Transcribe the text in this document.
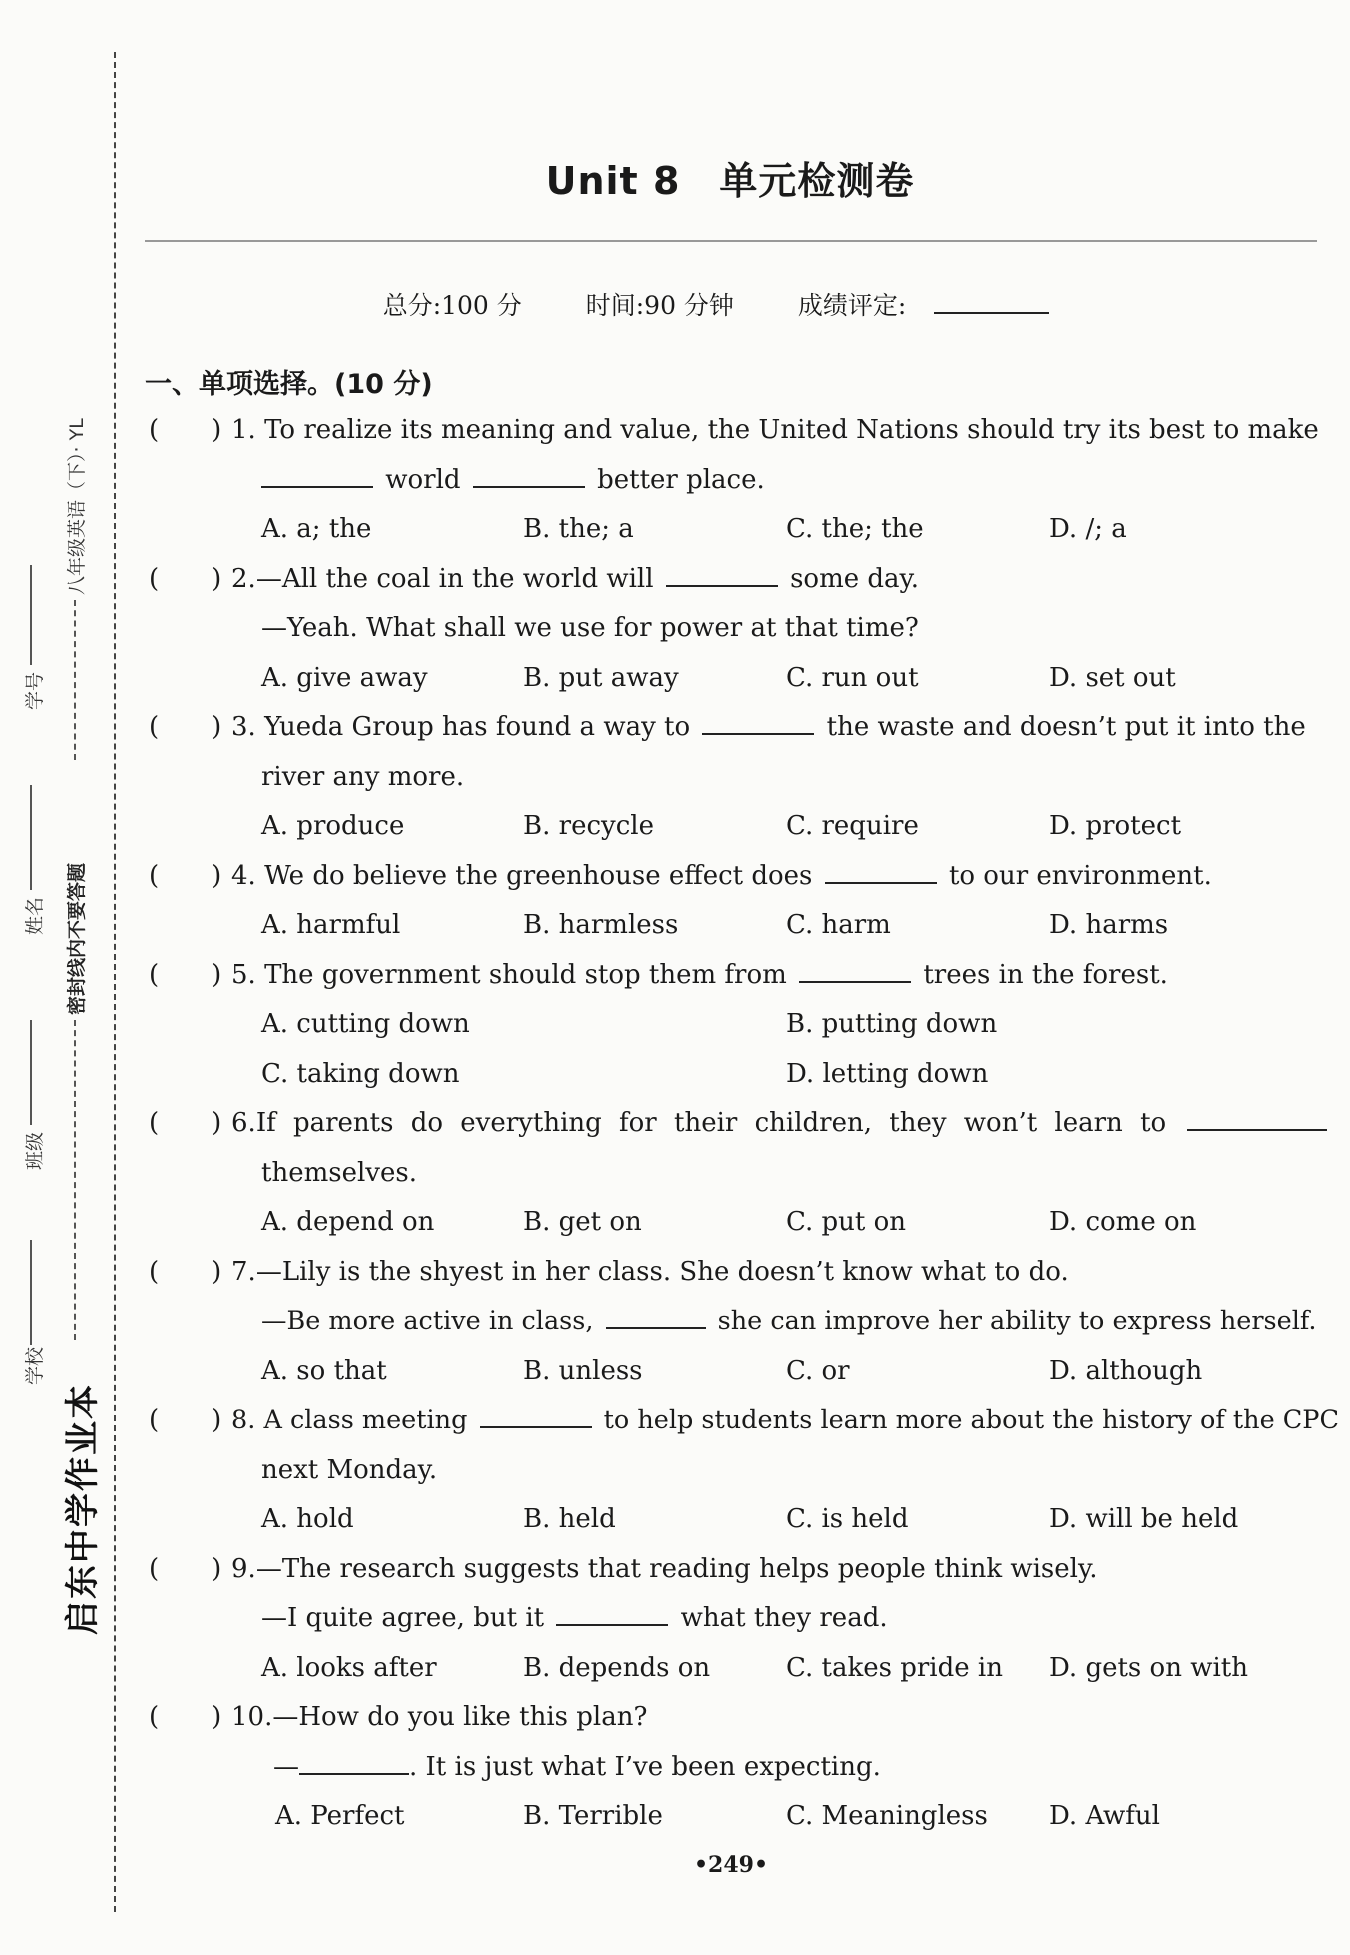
八年级英语（下）· YL
学号
密封线内不要答题
姓名
班级
学校
启东中学作业本
Unit 8　单元检测卷
总分:100 分	时间:90 分钟	成绩评定:
一、单项选择。(10 分)
( ) 1. To realize its meaning and value, the United Nations should try its best to make
world	better place.
A. a; the	B. the; a	C. the; the	D. /; a
( ) 2.—All the coal in the world will	some day.
—Yeah. What shall we use for power at that time?
A. give away	B. put away	C. run out	D. set out
( ) 3. Yueda Group has found a way to	the waste and doesn’t put it into the
river any more.
A. produce	B. recycle	C. require	D. protect
( ) 4. We do believe the greenhouse effect does	to our environment.
A. harmful	B. harmless	C. harm	D. harms
( ) 5. The government should stop them from	trees in the forest.
A. cutting down	B. putting down
C. taking down	D. letting down
( ) 6.If parents do everything for their children, they won’t learn to
themselves.
A. depend on	B. get on	C. put on	D. come on
( ) 7.—Lily is the shyest in her class. She doesn’t know what to do.
—Be more active in class,	she can improve her ability to express herself.
A. so that	B. unless	C. or	D. although
( ) 8. A class meeting	to help students learn more about the history of the CPC
next Monday.
A. hold	B. held	C. is held	D. will be held
( ) 9.—The research suggests that reading helps people think wisely.
—I quite agree, but it	what they read.
A. looks after	B. depends on	C. takes pride in D. gets on with
( ) 10.—How do you like this plan?
—	. It is just what I’ve been expecting.
A. Perfect	B. Terrible	C. Meaningless D. Awful
•249•
